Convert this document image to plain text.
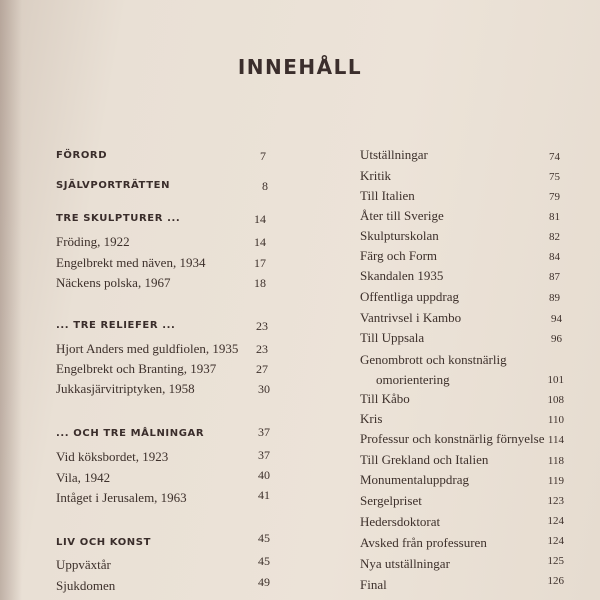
INNEHÅLL
FÖRORD	7
SJÄLVPORTRÄTTEN	8
TRE SKULPTURER ...	14
Fröding, 1922	14
Engelbrekt med näven, 1934	17
Näckens polska, 1967	18
... TRE RELIEFER ...	23
Hjort Anders med guldfiolen, 1935	23
Engelbrekt och Branting, 1937	27
Jukkasjärvitriptyken, 1958	30
... OCH TRE MÅLNINGAR	37
Vid köksbordet, 1923	37
Vila, 1942	40
Intåget i Jerusalem, 1963	41
LIV OCH KONST	45
Uppväxtår	45
Sjukdomen	49
Utställningar	74
Kritik	75
Till Italien	79
Åter till Sverige	81
Skulpturskolan	82
Färg och Form	84
Skandalen 1935	87
Offentliga uppdrag	89
Vantrivsel i Kambo	94
Till Uppsala	96
Genombrott och konstnärlig
omorientering	101
Till Kåbo	108
Kris	110
Professur och konstnärlig förnyelse 114
Till Grekland och Italien	118
Monumentaluppdrag	119
Sergelpriset	123
Hedersdoktorat	124
Avsked från professuren	124
Nya utställningar	125
Final	126
